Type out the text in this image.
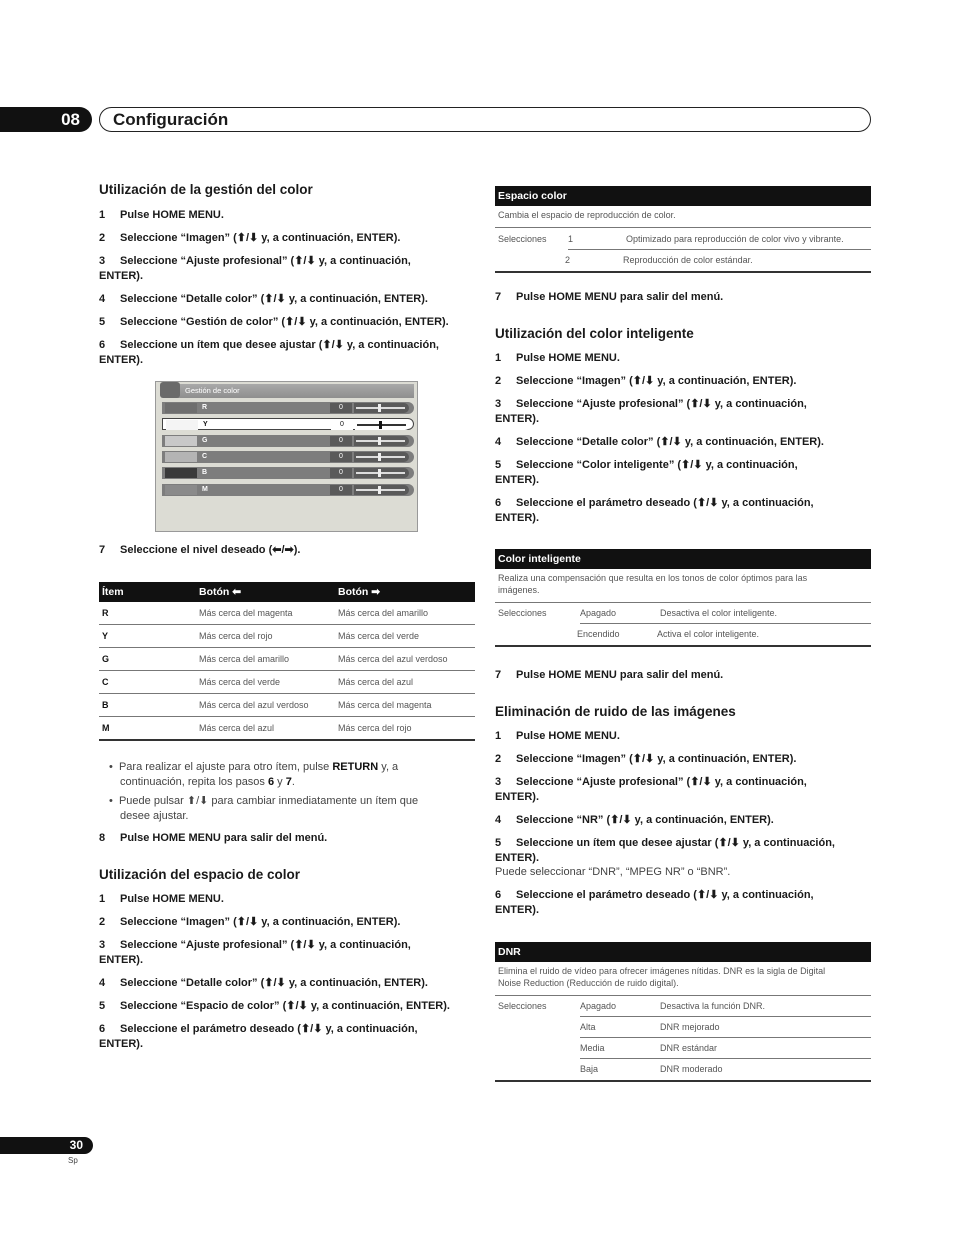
08	Configuración
Utilización de la gestión del color
1 Pulse HOME MENU.
2 Seleccione “Imagen” (⬆/⬇ y, a continuación, ENTER).
3 Seleccione “Ajuste profesional” (⬆/⬇ y, a continuación,
ENTER).
4 Seleccione “Detalle color” (⬆/⬇ y, a continuación, ENTER).
5 Seleccione “Gestión de color” (⬆/⬇ y, a continuación, ENTER).
6 Seleccione un ítem que desee ajustar (⬆/⬇ y, a continuación,
ENTER).
Gestión de color
R	0
Y	0
G	0
C	0
B	0
M	0
7 Seleccione el nivel deseado (⬅/➡).
Ítem	Botón ⬅	Botón ➡
R	Más cerca del magenta	Más cerca del amarillo
Y	Más cerca del rojo	Más cerca del verde
G	Más cerca del amarillo	Más cerca del azul verdoso
C	Más cerca del verde	Más cerca del azul
B	Más cerca del azul verdoso	Más cerca del magenta
M	Más cerca del azul	Más cerca del rojo
•  Para realizar el ajuste para otro ítem, pulse RETURN y, a
continuación, repita los pasos 6 y 7.
•  Puede pulsar ⬆/⬇ para cambiar inmediatamente un ítem que
desee ajustar.
8 Pulse HOME MENU para salir del menú.
Utilización del espacio de color
1 Pulse HOME MENU.
2 Seleccione “Imagen” (⬆/⬇ y, a continuación, ENTER).
3 Seleccione “Ajuste profesional” (⬆/⬇ y, a continuación,
ENTER).
4 Seleccione “Detalle color” (⬆/⬇ y, a continuación, ENTER).
5 Seleccione “Espacio de color” (⬆/⬇ y, a continuación, ENTER).
6 Seleccione el parámetro deseado (⬆/⬇ y, a continuación,
ENTER).
Espacio color
Cambia el espacio de reproducción de color.
Selecciones	1	Optimizado para reproducción de color vivo y vibrante.
2	Reproducción de color estándar.
7 Pulse HOME MENU para salir del menú.
Utilización del color inteligente
1 Pulse HOME MENU.
2 Seleccione “Imagen” (⬆/⬇ y, a continuación, ENTER).
3 Seleccione “Ajuste profesional” (⬆/⬇ y, a continuación,
ENTER).
4 Seleccione “Detalle color” (⬆/⬇ y, a continuación, ENTER).
5 Seleccione “Color inteligente” (⬆/⬇ y, a continuación,
ENTER).
6 Seleccione el parámetro deseado (⬆/⬇ y, a continuación,
ENTER).
Color inteligente
Realiza una compensación que resulta en los tonos de color óptimos para las
imágenes.
Selecciones	Apagado	Desactiva el color inteligente.
Encendido	Activa el color inteligente.
7 Pulse HOME MENU para salir del menú.
Eliminación de ruido de las imágenes
1 Pulse HOME MENU.
2 Seleccione “Imagen” (⬆/⬇ y, a continuación, ENTER).
3 Seleccione “Ajuste profesional” (⬆/⬇ y, a continuación,
ENTER).
4 Seleccione “NR” (⬆/⬇ y, a continuación, ENTER).
5 Seleccione un ítem que desee ajustar (⬆/⬇ y, a continuación,
ENTER).
Puede seleccionar “DNR”, “MPEG NR” o “BNR”.
6 Seleccione el parámetro deseado (⬆/⬇ y, a continuación,
ENTER).
DNR
Elimina el ruido de vídeo para ofrecer imágenes nítidas. DNR es la sigla de Digital
Noise Reduction (Reducción de ruido digital).
Selecciones	Apagado	Desactiva la función DNR.
Alta	DNR mejorado
Media	DNR estándar
Baja	DNR moderado
30
Sp
